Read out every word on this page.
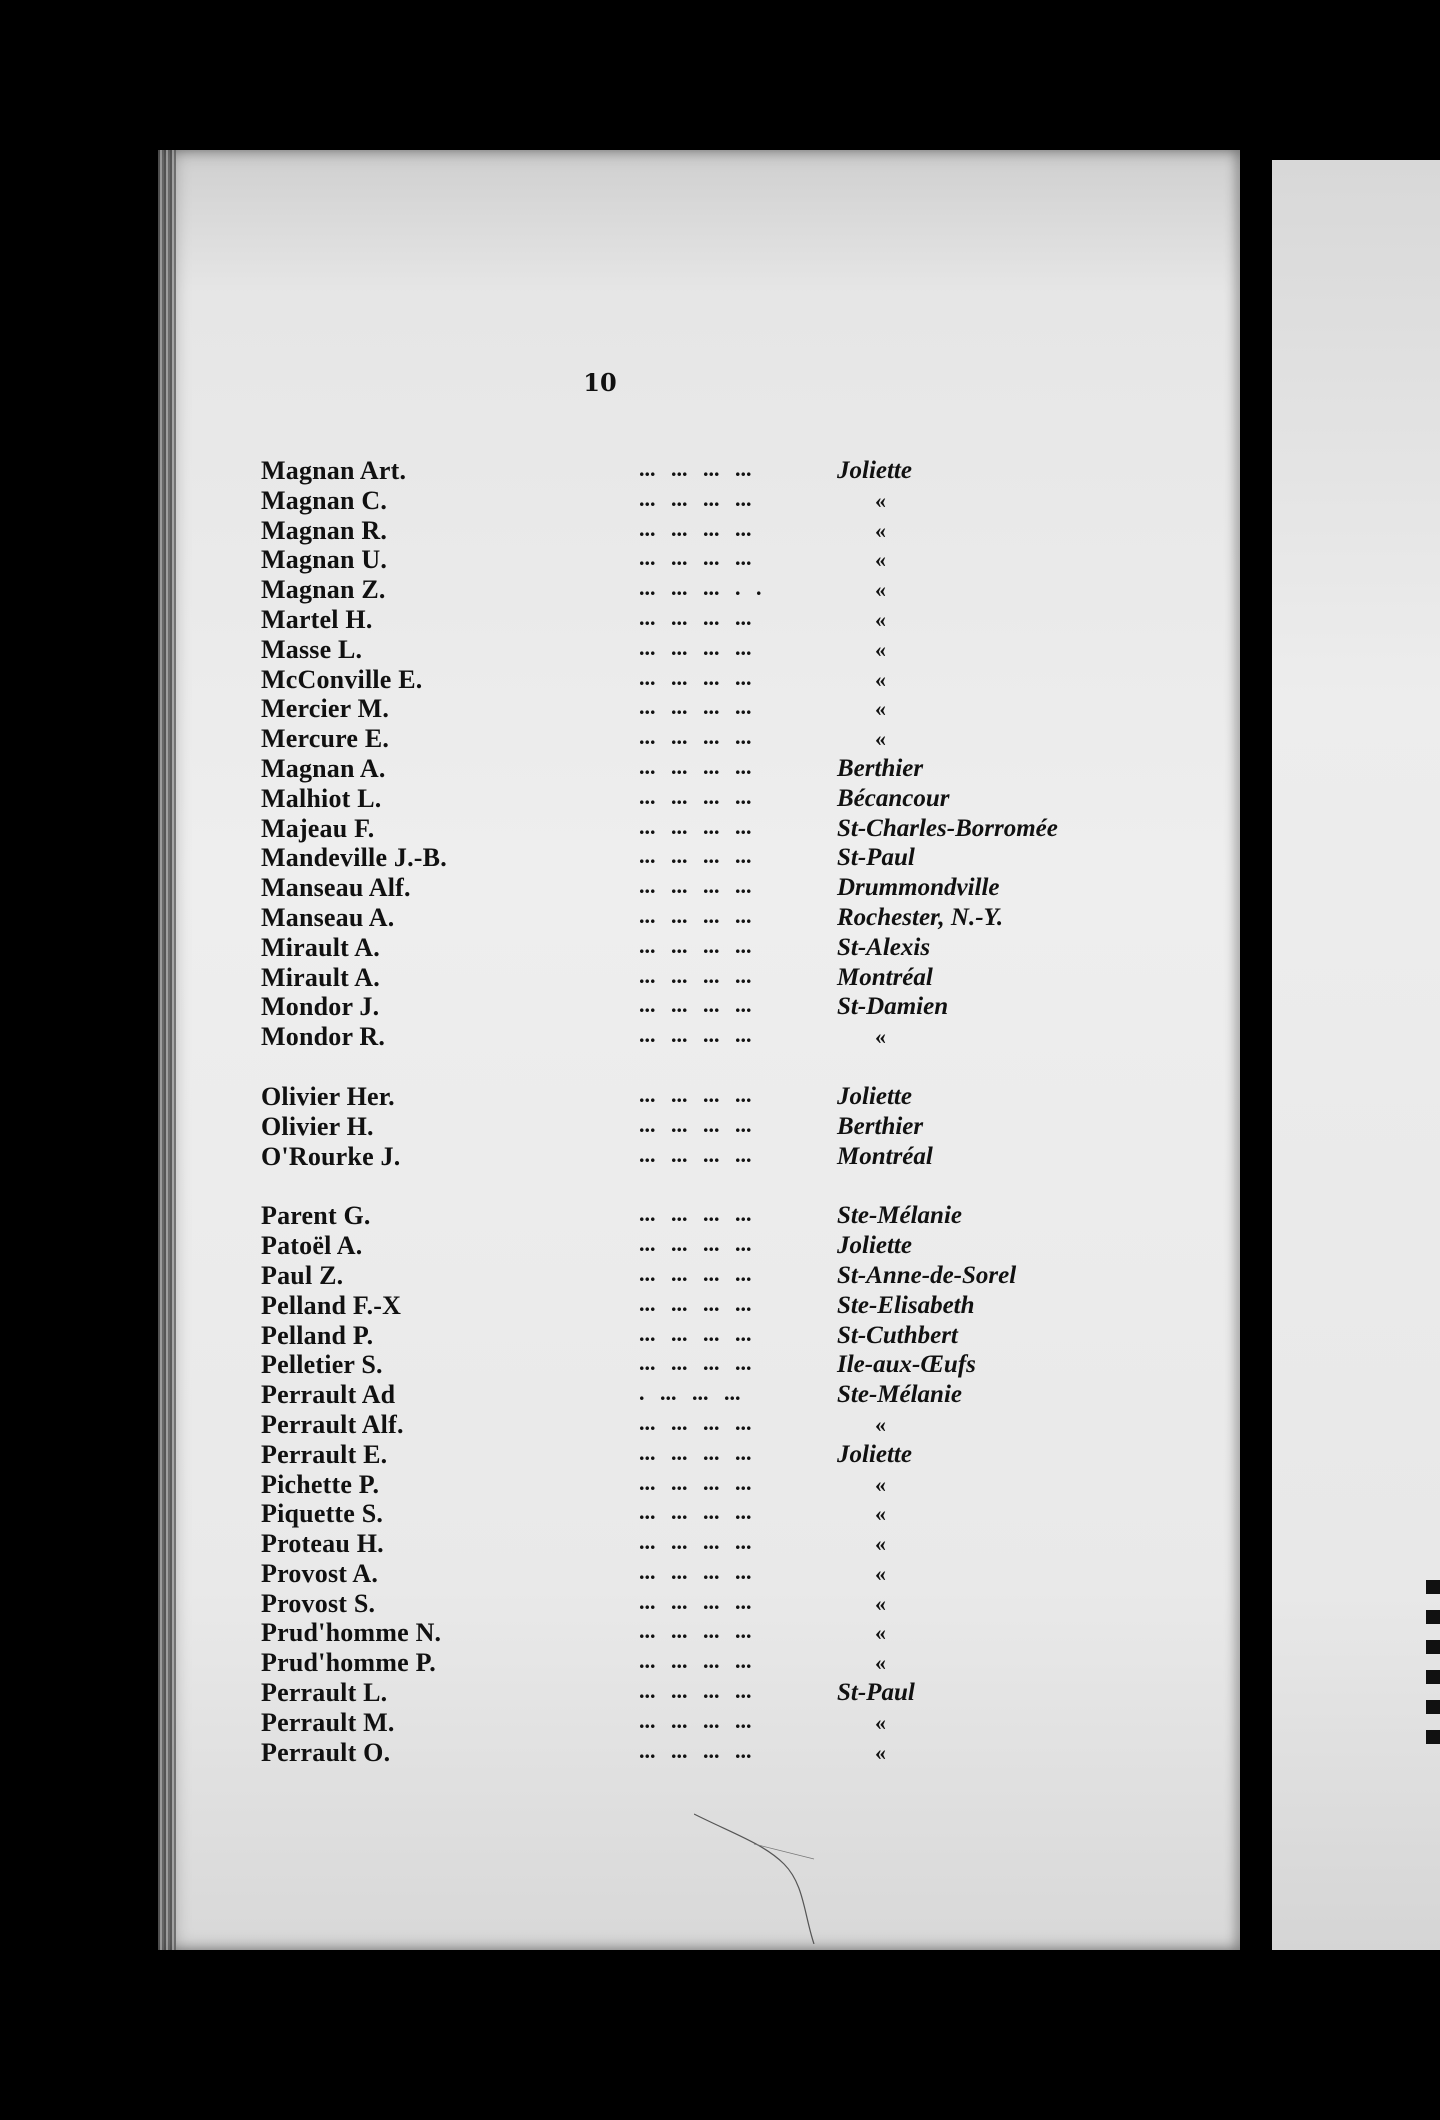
10
Magnan Art.	... ... ... ...	Joliette
Magnan C.	... ... ... ...	«
Magnan R.	... ... ... ...	«
Magnan U.	... ... ... ...	«
Magnan Z.	... ... ... . .	«
Martel H.	... ... ... ...	«
Masse L.	... ... ... ...	«
McConville E.	... ... ... ...	«
Mercier M.	... ... ... ...	«
Mercure E.	... ... ... ...	«
Magnan A.	... ... ... ...	Berthier
Malhiot L.	... ... ... ...	Bécancour
Majeau F.	... ... ... ...	St-Charles-Borromée
Mandeville J.-B.	... ... ... ...	St-Paul
Manseau Alf.	... ... ... ...	Drummondville
Manseau A.	... ... ... ...	Rochester, N.-Y.
Mirault A.	... ... ... ...	St-Alexis
Mirault A.	... ... ... ...	Montréal
Mondor J.	... ... ... ...	St-Damien
Mondor R.	... ... ... ...	«
Olivier Her.	... ... ... ...	Joliette
Olivier H.	... ... ... ...	Berthier
O'Rourke J.	... ... ... ...	Montréal
Parent G.	... ... ... ...	Ste-Mélanie
Patoël A.	... ... ... ...	Joliette
Paul Z.	... ... ... ...	St-Anne-de-Sorel
Pelland F.-X	... ... ... ...	Ste-Elisabeth
Pelland P.	... ... ... ...	St-Cuthbert
Pelletier S.	... ... ... ...	Ile-aux-Œufs
Perrault Ad	. ... ... ...	Ste-Mélanie
Perrault Alf.	... ... ... ...	«
Perrault E.	... ... ... ...	Joliette
Pichette P.	... ... ... ...	«
Piquette S.	... ... ... ...	«
Proteau H.	... ... ... ...	«
Provost A.	... ... ... ...	«
Provost S.	... ... ... ...	«
Prud'homme N.	... ... ... ...	«
Prud'homme P.	... ... ... ...	«
Perrault L.	... ... ... ...	St-Paul
Perrault M.	... ... ... ...	«
Perrault O.	... ... ... ...	«
